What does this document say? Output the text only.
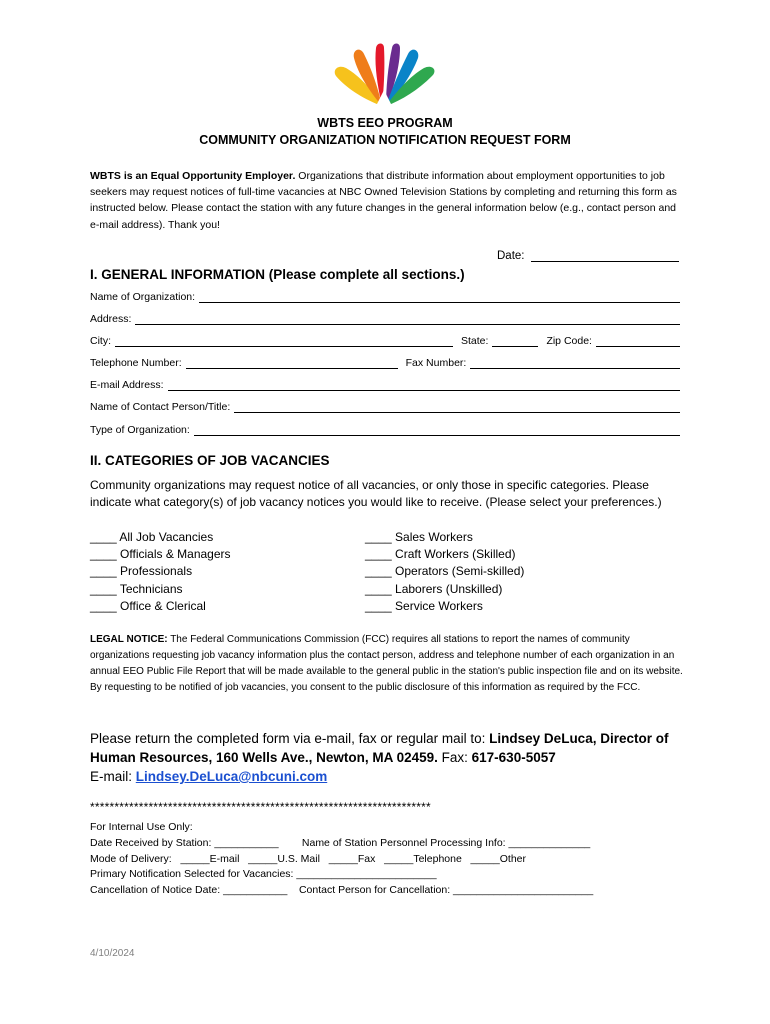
WBTS EEO PROGRAM
COMMUNITY ORGANIZATION NOTIFICATION REQUEST FORM
WBTS is an Equal Opportunity Employer. Organizations that distribute information about employment opportunities to job seekers may request notices of full-time vacancies at NBC Owned Television Stations by completing and returning this form as instructed below. Please contact the station with any future changes in the general information below (e.g., contact person and e-mail address). Thank you!
Date:
I. GENERAL INFORMATION (Please complete all sections.)
Name of Organization:
Address:
City:	State:	Zip Code:
Telephone Number:	Fax Number:
E-mail Address:
Name of Contact Person/Title:
Type of Organization:
II. CATEGORIES OF JOB VACANCIES
Community organizations may request notice of all vacancies, or only those in specific categories. Please indicate what category(s) of job vacancy notices you would like to receive. (Please select your preferences.)
____ All Job Vacancies
____ Officials & Managers
____ Professionals
____ Technicians
____ Office & Clerical
____ Sales Workers
____ Craft Workers (Skilled)
____ Operators (Semi-skilled)
____ Laborers (Unskilled)
____ Service Workers
LEGAL NOTICE: The Federal Communications Commission (FCC) requires all stations to report the names of community organizations requesting job vacancy information plus the contact person, address and telephone number of each organization in an annual EEO Public File Report that will be made available to the general public in the station's public inspection file and on its website. By requesting to be notified of job vacancies, you consent to the public disclosure of this information as required by the FCC.
Please return the completed form via e-mail, fax or regular mail to: Lindsey DeLuca, Director of Human Resources, 160 Wells Ave., Newton, MA 02459. Fax: 617-630-5057
E-mail: Lindsey.DeLuca@nbcuni.com
**********************************************************************
For Internal Use Only:
Date Received by Station: ___________        Name of Station Personnel Processing Info: ______________
Mode of Delivery:   _____E-mail   _____U.S. Mail   _____Fax   _____Telephone   _____Other
Primary Notification Selected for Vacancies: ________________________
Cancellation of Notice Date: ___________    Contact Person for Cancellation: ________________________
4/10/2024
